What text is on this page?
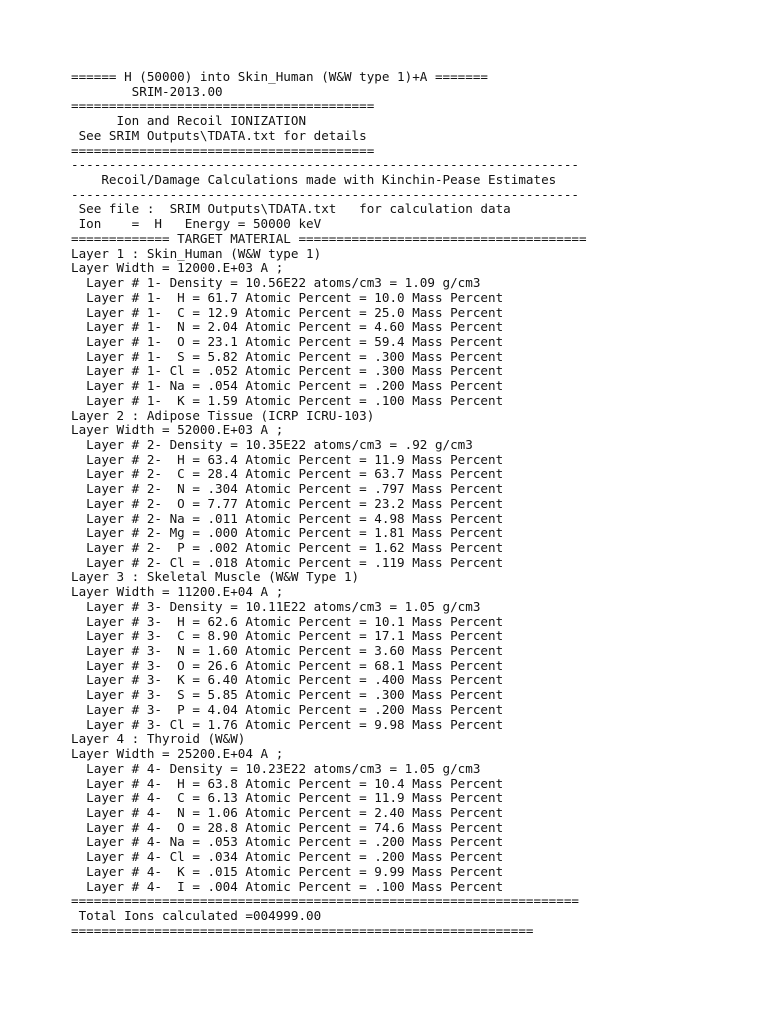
====== H (50000) into Skin_Human (W&W type 1)+A =======
SRIM-2013.00
========================================
Ion and Recoil IONIZATION
See SRIM Outputs\TDATA.txt for details
========================================
-------------------------------------------------------------------
Recoil/Damage Calculations made with Kinchin-Pease Estimates
-------------------------------------------------------------------
See file :  SRIM Outputs\TDATA.txt   for calculation data
Ion    =  H   Energy = 50000 keV
============= TARGET MATERIAL ======================================
Layer 1 : Skin_Human (W&W type 1)
Layer Width = 12000.E+03 A ;
Layer # 1- Density = 10.56E22 atoms/cm3 = 1.09 g/cm3
Layer # 1-  H = 61.7 Atomic Percent = 10.0 Mass Percent
Layer # 1-  C = 12.9 Atomic Percent = 25.0 Mass Percent
Layer # 1-  N = 2.04 Atomic Percent = 4.60 Mass Percent
Layer # 1-  O = 23.1 Atomic Percent = 59.4 Mass Percent
Layer # 1-  S = 5.82 Atomic Percent = .300 Mass Percent
Layer # 1- Cl = .052 Atomic Percent = .300 Mass Percent
Layer # 1- Na = .054 Atomic Percent = .200 Mass Percent
Layer # 1-  K = 1.59 Atomic Percent = .100 Mass Percent
Layer 2 : Adipose Tissue (ICRP ICRU-103)
Layer Width = 52000.E+03 A ;
Layer # 2- Density = 10.35E22 atoms/cm3 = .92 g/cm3
Layer # 2-  H = 63.4 Atomic Percent = 11.9 Mass Percent
Layer # 2-  C = 28.4 Atomic Percent = 63.7 Mass Percent
Layer # 2-  N = .304 Atomic Percent = .797 Mass Percent
Layer # 2-  O = 7.77 Atomic Percent = 23.2 Mass Percent
Layer # 2- Na = .011 Atomic Percent = 4.98 Mass Percent
Layer # 2- Mg = .000 Atomic Percent = 1.81 Mass Percent
Layer # 2-  P = .002 Atomic Percent = 1.62 Mass Percent
Layer # 2- Cl = .018 Atomic Percent = .119 Mass Percent
Layer 3 : Skeletal Muscle (W&W Type 1)
Layer Width = 11200.E+04 A ;
Layer # 3- Density = 10.11E22 atoms/cm3 = 1.05 g/cm3
Layer # 3-  H = 62.6 Atomic Percent = 10.1 Mass Percent
Layer # 3-  C = 8.90 Atomic Percent = 17.1 Mass Percent
Layer # 3-  N = 1.60 Atomic Percent = 3.60 Mass Percent
Layer # 3-  O = 26.6 Atomic Percent = 68.1 Mass Percent
Layer # 3-  K = 6.40 Atomic Percent = .400 Mass Percent
Layer # 3-  S = 5.85 Atomic Percent = .300 Mass Percent
Layer # 3-  P = 4.04 Atomic Percent = .200 Mass Percent
Layer # 3- Cl = 1.76 Atomic Percent = 9.98 Mass Percent
Layer 4 : Thyroid (W&W)
Layer Width = 25200.E+04 A ;
Layer # 4- Density = 10.23E22 atoms/cm3 = 1.05 g/cm3
Layer # 4-  H = 63.8 Atomic Percent = 10.4 Mass Percent
Layer # 4-  C = 6.13 Atomic Percent = 11.9 Mass Percent
Layer # 4-  N = 1.06 Atomic Percent = 2.40 Mass Percent
Layer # 4-  O = 28.8 Atomic Percent = 74.6 Mass Percent
Layer # 4- Na = .053 Atomic Percent = .200 Mass Percent
Layer # 4- Cl = .034 Atomic Percent = .200 Mass Percent
Layer # 4-  K = .015 Atomic Percent = 9.99 Mass Percent
Layer # 4-  I = .004 Atomic Percent = .100 Mass Percent
===================================================================
Total Ions calculated =004999.00
=============================================================
